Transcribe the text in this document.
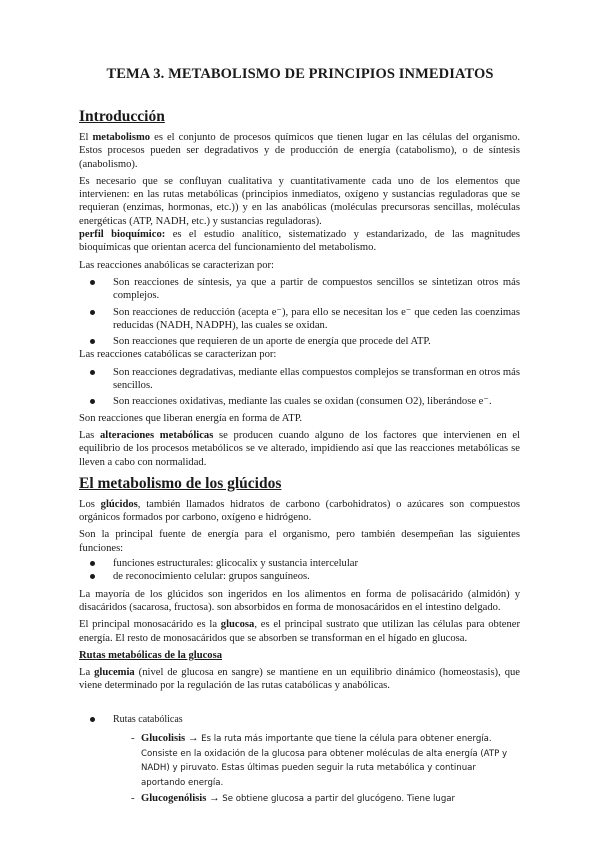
TEMA 3. METABOLISMO DE PRINCIPIOS INMEDIATOS
Introducción

El metabolismo es el conjunto de procesos químicos que tienen lugar en las células del organismo. Estos procesos pueden ser degradativos y de producción de energía (catabolismo), o de síntesis (anabolismo).

Es necesario que se confluyan cualitativa y cuantitativamente cada uno de los elementos que intervienen: en las rutas metabólicas (principios inmediatos, oxígeno y sustancias reguladoras que se requieran (enzimas, hormonas, etc.)) y en las anabólicas (moléculas precursoras sencillas, moléculas energéticas (ATP, NADH, etc.) y sustancias reguladoras).

perfil bioquímico: es el estudio analítico, sistematizado y estandarizado, de las magnitudes bioquímicas que orientan acerca del funcionamiento del metabolismo.

Las reacciones anabólicas se caracterizan por:

Son reacciones de síntesis, ya que a partir de compuestos sencillos se sintetizan otros más complejos.
Son reacciones de reducción (acepta e⁻), para ello se necesitan los e⁻ que ceden las coenzimas reducidas (NADH, NADPH), las cuales se oxidan.
Son reacciones que requieren de un aporte de energía que procede del ATP.

Las reacciones catabólicas se caracterizan por:

Son reacciones degradativas, mediante ellas compuestos complejos se transforman en otros más sencillos.
Son reacciones oxidativas, mediante las cuales se oxidan (consumen O2), liberándose e⁻.

Son reacciones que liberan energía en forma de ATP.

Las alteraciones metabólicas se producen cuando alguno de los factores que intervienen en el equilibrio de los procesos metabólicos se ve alterado, impidiendo así que las reacciones metabólicas se lleven a cabo con normalidad.

El metabolismo de los glúcidos

Los glúcidos, también llamados hidratos de carbono (carbohidratos) o azúcares son compuestos orgánicos formados por carbono, oxígeno e hidrógeno.

Son la principal fuente de energía para el organismo, pero también desempeñan las siguientes funciones:

funciones estructurales: glicocalix y sustancia intercelular
de reconocimiento celular: grupos sanguíneos.

La mayoría de los glúcidos son ingeridos en los alimentos en forma de polisacárido (almidón) y disacáridos (sacarosa, fructosa). son absorbidos en forma de monosacáridos en el intestino delgado.

El principal monosacárido es la glucosa, es el principal sustrato que utilizan las células para obtener energía. El resto de monosacáridos que se absorben se transforman en el hígado en glucosa.

Rutas metabólicas de la glucosa

La glucemia (nivel de glucosa en sangre) se mantiene en un equilibrio dinámico (homeostasis), que viene determinado por la regulación de las rutas catabólicas y anabólicas.

Rutas catabólicas
- Glucolisis → Es la ruta más importante que tiene la célula para obtener energía. Consiste en la oxidación de la glucosa para obtener moléculas de alta energía (ATP y NADH) y piruvato. Estas últimas pueden seguir la ruta metabólica y continuar aportando energía.
- Glucogenólisis → Se obtiene glucosa a partir del glucógeno. Tiene lugar
